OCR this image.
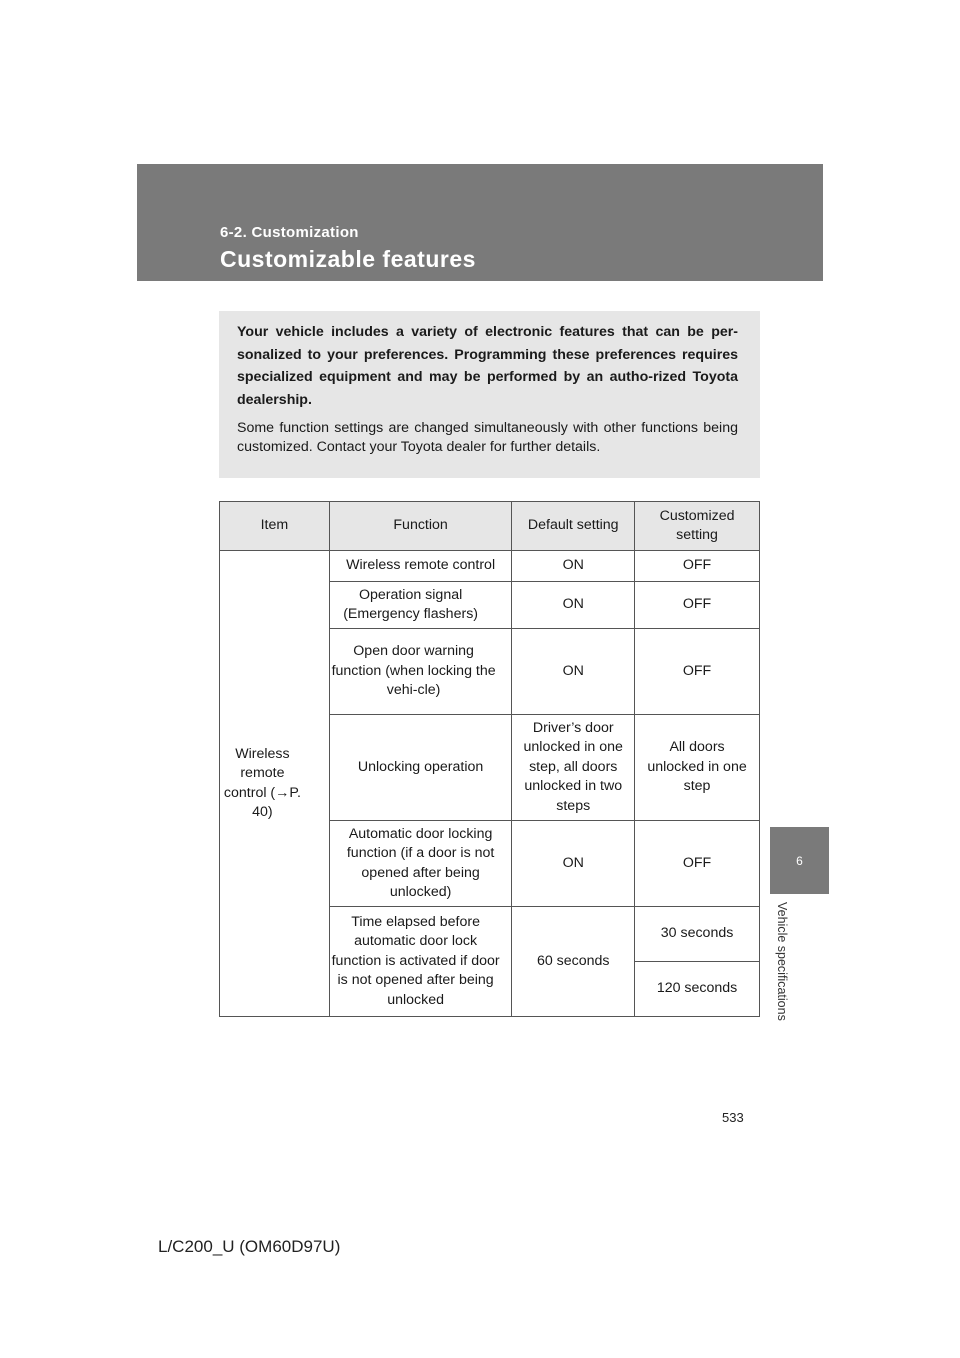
6-2. Customization
Customizable features
6
Vehicle specifications

Your vehicle includes a variety of electronic features that can be per-sonalized to your preferences. Programming these preferences requires specialized equipment and may be performed by an autho-rized Toyota dealership.

Some function settings are changed simultaneously with other functions being customized. Contact your Toyota dealer for further details.

Item	Function	Default setting	Customized setting
Wireless remote control (→P. 40)	Wireless remote control	ON	OFF
	Operation signal (Emergency flashers)	ON	OFF
	Open door warning function (when locking the vehi-cle)	ON	OFF
	Unlocking operation	Driver’s door unlocked in one step, all doors unlocked in two steps	All doors unlocked in one step
	Automatic door locking function (if a door is not opened after being unlocked)	ON	OFF
	Time elapsed before automatic door lock function is activated if door is not opened after being unlocked	60 seconds	30 seconds
			120 seconds
533
L/C200_U (OM60D97U)
